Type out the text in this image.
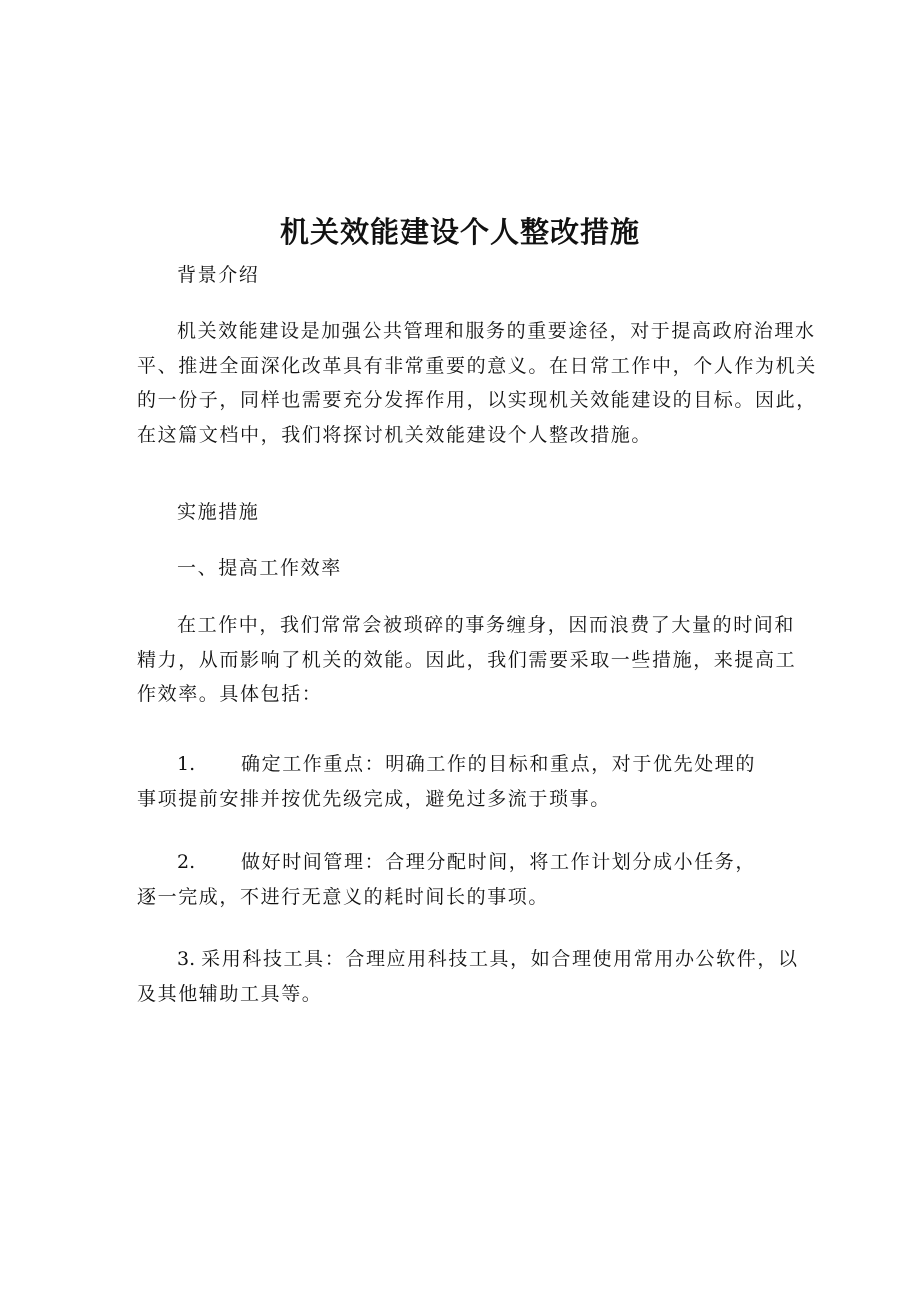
机关效能建设个人整改措施

背景介绍

机关效能建设是加强公共管理和服务的重要途径，对于提高政府治理水
平、推进全面深化改革具有非常重要的意义。在日常工作中，个人作为机关
的一份子，同样也需要充分发挥作用，以实现机关效能建设的目标。因此，
在这篇文档中，我们将探讨机关效能建设个人整改措施。

实施措施

一、提高工作效率

在工作中，我们常常会被琐碎的事务缠身，因而浪费了大量的时间和
精力，从而影响了机关的效能。因此，我们需要采取一些措施，来提高工
作效率。具体包括：

1. 确定工作重点：明确工作的目标和重点，对于优先处理的
事项提前安排并按优先级完成，避免过多流于琐事。

2. 做好时间管理：合理分配时间，将工作计划分成小任务，
逐一完成，不进行无意义的耗时间长的事项。

3. 采用科技工具：合理应用科技工具，如合理使用常用办公软件，以
及其他辅助工具等。
